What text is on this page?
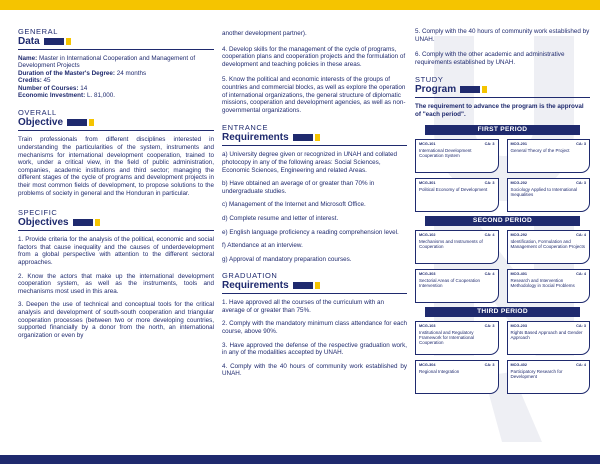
GENERAL
Data
Name: Master in International Cooperation and Management of Development Projects
Duration of the Master's Degree: 24 months
Credits: 45
Number of Courses: 14
Economic Investment: L. 81,000.
OVERALL
Objective
Train professionals from different disciplines interested in understanding the particularities of the system, instruments and mechanisms for international development cooperation, trained to work, under a critical view, in the field of public administration, companies, academic institutions and third sector; managing the different stages of the cycle of programs and development projects in their most common fields of development, to propose solutions to the problems of society in general and the Honduran in particular.
SPECIFIC
Objectives
1. Provide criteria for the analysis of the political, economic and social factors that cause inequality and the causes of underdevelopment from a global perspective with attention to the different sectoral approaches.
2. Know the actors that make up the international development cooperation system, as well as the instruments, tools and mechanisms most used in this area.
3. Deepen the use of technical and conceptual tools for the critical analysis and development of south-south cooperation and triangular cooperation processes (between two or more developing countries, supported financially by a donor from the north, an international organization or even by
another development partner).
4. Develop skills for the management of the cycle of programs, cooperation plans and cooperation projects and the formulation of development and teaching policies in these areas.
5. Know the political and economic interests of the groups of countries and commercial blocks, as well as explore the operation of international organizations, the general structure of diplomatic missions, cooperation and development agencies, as well as non-governmental organizations.
ENTRANCE
Requirements
a) University degree given or recognized in UNAH and collated photocopy in any of the following areas: Social Sciences, Economic Sciences, Engineering and related Areas.
b) Have obtained an average of or greater than 70% in undergraduate studies.
c) Management of the Internet and Microsoft Office.
d) Complete resume and letter of interest.
e) English language proficiency a reading comprehension level.
f) Attendance at an interview.
g) Approval of mandatory preparation courses.
GRADUATION
Requirements
1. Have approved all the courses of the curriculum with an average of or greater than 75%.
2. Comply with the mandatory minimum class attendance for each course, above 90%.
3. Have approved the defense of the respective graduation work, in any of the modalities accepted by UNAH.
4. Comply with the 40 hours of community work established by UNAH.
5. Comply with the 40 hours of community work established by UNAH.
6. Comply with the other academic and administrative requirements established by UNAH.
STUDY
Program
The requirement to advance the program is the approval of "each period".
FIRST PERIOD
MCG-101	CA: 3
International Development Cooperation System
MCG-201	CA: 3
General Theory of the Project
MCG-301	CA: 3
Political Economy of Development
MCG-202	CA: 3
Sociology Applied to International Inequalities
SECOND PERIOD
MCG-102	CA: 4
Mechanisms and Instruments of Cooperation
MCG-292	CA: 4
Identification, Formulation and Management of Cooperation Projects
MCG-303	CA: 4
Sectorial Areas of Cooperation Intervention
MCG-401	CA: 4
Research and Intervention Methodology in Social Problems
THIRD PERIOD
MCG-103	CA: 3
Institutional and Regulatory Framework for International Cooperation
MCG-203	CA: 3
Rights Based Approach and Gender Approach
MCG-304	CA: 3
Regional Integration
MCG-402	CA: 4
Participatory Research for Development
